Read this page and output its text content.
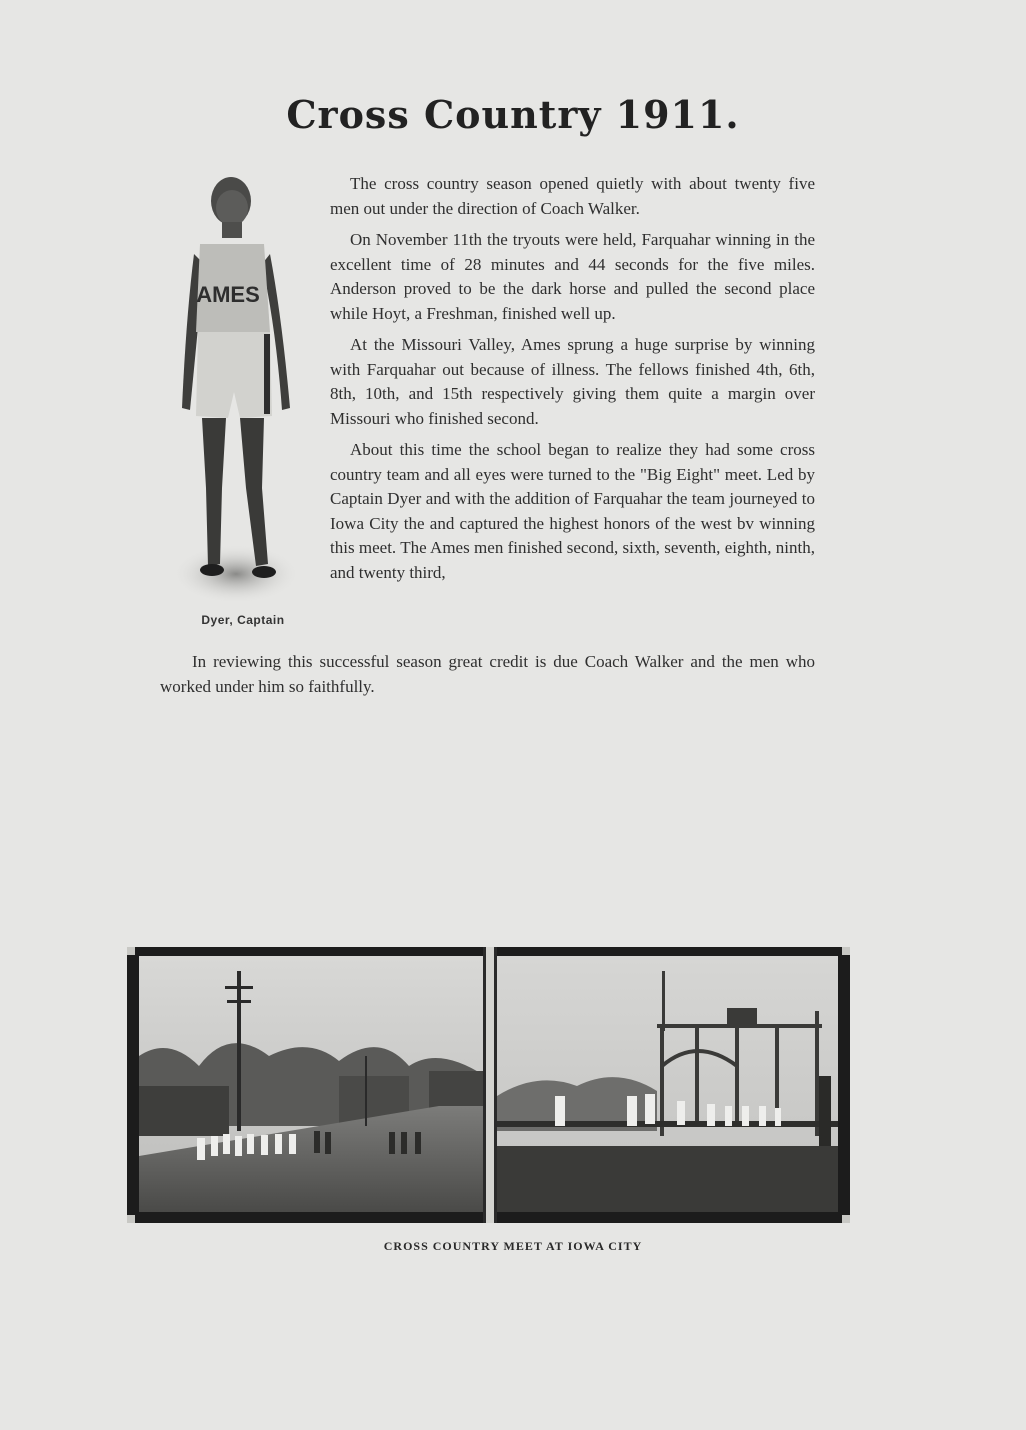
Cross Country 1911.
AMES
Dyer, Captain

The cross country season opened quietly with about twenty five men out under the direction of Coach Walker.

On November 11th the tryouts were held, Farquahar winning in the excellent time of 28 minutes and 44 seconds for the five miles. Anderson proved to be the dark horse and pulled the second place while Hoyt, a Freshman, finished well up.

At the Missouri Valley, Ames sprung a huge surprise by winning with Farquahar out because of illness. The fellows finished 4th, 6th, 8th, 10th, and 15th respectively giving them quite a margin over Missouri who finished second.

About this time the school began to realize they had some cross country team and all eyes were turned to the "Big Eight" meet. Led by Captain Dyer and with the addition of Farquahar the team journeyed to Iowa City the and captured the highest honors of the west bv winning this meet. The Ames men finished second, sixth, seventh, eighth, ninth, and twenty third,

In reviewing this successful season great credit is due Coach Walker and the men who worked under him so faithfully.

CROSS COUNTRY MEET AT IOWA CITY
